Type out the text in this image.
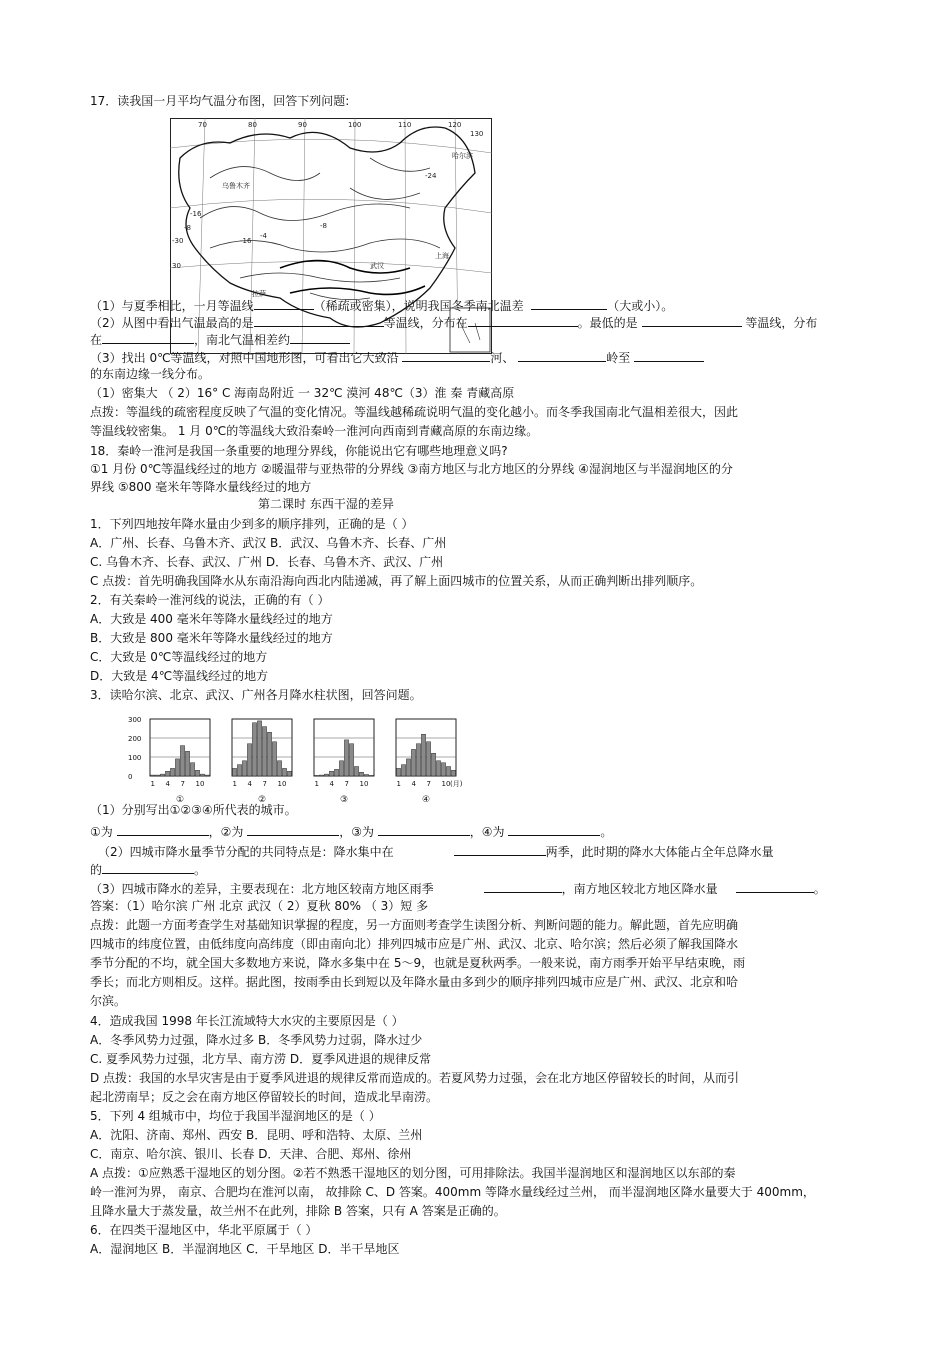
17．读我国一月平均气温分布图，回答下列问题:
70	80	90	100	110	120
130
哈尔滨
乌鲁木齐
-16
-8
-4
-24
-30	-16
拉萨
武汉
上海
-8
30
（1）与夏季相比，一月等温线	（稀疏或密集），说明我国冬季南北温差	（大或小）。
（2）从图中看出气温最高的是	等温线，分布在	。最低的是	等温线，分布
在	，南北气温相差约
（3）找出 0℃等温线，对照中国地形图，可看出它大致沿	河、	岭至
的东南边缘一线分布。
（1）密集大 （ 2）16° C 海南岛附近 一 32℃ 漠河 48℃（3）淮 秦 青藏高原
点拨：等温线的疏密程度反映了气温的变化情况。等温线越稀疏说明气温的变化越小。而冬季我国南北气温相差很大，因此
等温线较密集。 1 月 0℃的等温线大致沿秦岭一淮河向西南到青藏高原的东南边缘。
18．秦岭一淮河是我国一条重要的地理分界线，你能说出它有哪些地理意义吗?
①1 月份 0℃等温线经过的地方 ②暖温带与亚热带的分界线 ③南方地区与北方地区的分界线 ④湿润地区与半湿润地区的分
界线 ⑤800 毫米年等降水量线经过的地方
第二课时 东西干湿的差异
1．下列四地按年降水量由少到多的顺序排列，正确的是（ ）
A．广州、长春、乌鲁木齐、武汉 B．武汉、乌鲁木齐、长春、广州
C. 乌鲁木齐、长春、武汉、广州 D．长春、乌鲁木齐、武汉、广州
C 点拨：首先明确我国降水从东南沿海向西北内陆递减，再了解上面四城市的位置关系，从而正确判断出排列顺序。
2．有关秦岭一淮河线的说法，正确的有（ ）
A．大致是 400 毫米年等降水量线经过的地方
B．大致是 800 毫米年等降水量线经过的地方
C．大致是 0℃等温线经过的地方
D．大致是 4℃等温线经过的地方
3．读哈尔滨、北京、武汉、广州各月降水柱状图，回答问题。
300
200
100
0
1 4 7 10
①
1 4 7 10
②
1 4 7 10
③
1 4 7 10
④
(月)
（1）分别写出①②③④所代表的城市。
①为	，②为	，③为	，④为	。
（2）四城市降水量季节分配的共同特点是：降水集中在	两季，此时期的降水大体能占全年总降水量
的	。
（3）四城市降水的差异，主要表现在：北方地区较南方地区雨季	，南方地区较北方地区降水量	。
答案：（1）哈尔滨 广州 北京 武汉（ 2）夏秋 80% （ 3）短 多
点拨：此题一方面考查学生对基础知识掌握的程度，另一方面则考查学生读图分析、判断问题的能力。解此题，首先应明确
四城市的纬度位置，由低纬度向高纬度（即由南向北）排列四城市应是广州、武汉、北京、哈尔滨；然后必须了解我国降水
季节分配的不均，就全国大多数地方来说，降水多集中在 5～9，也就是夏秋两季。一般来说，南方雨季开始平早结束晚，雨
季长；而北方则相反。这样。据此图，按雨季由长到短以及年降水量由多到少的顺序排列四城市应是广州、武汉、北京和哈
尔滨。
4．造成我国 1998 年长江流域特大水灾的主要原因是（ ）
A．冬季风势力过强，降水过多 B．冬季风势力过弱，降水过少
C. 夏季风势力过强，北方旱、南方涝 D．夏季风进退的规律反常
D 点拨：我国的水旱灾害是由于夏季风进退的规律反常而造成的。若夏风势力过强，会在北方地区停留较长的时间，从而引
起北涝南旱；反之会在南方地区停留较长的时间，造成北旱南涝。
5．下列 4 组城市中，均位于我国半湿润地区的是（ ）
A．沈阳、济南、郑州、西安 B．昆明、呼和浩特、太原、兰州
C．南京、哈尔滨、银川、长春 D．天津、合肥、郑州、徐州
A 点拨：①应熟悉干湿地区的划分图。②若不熟悉干湿地区的划分图，可用排除法。我国半湿润地区和湿润地区以东部的秦
岭一淮河为界， 南京、合肥均在淮河以南， 故排除 C、D 答案。400mm 等降水量线经过兰州， 而半湿润地区降水量要大于 400mm，
且降水量大于蒸发量，故兰州不在此列，排除 B 答案，只有 A 答案是正确的。
6．在四类干湿地区中，华北平原属于（ ）
A．湿润地区 B．半湿润地区 C．干旱地区 D．半干旱地区
